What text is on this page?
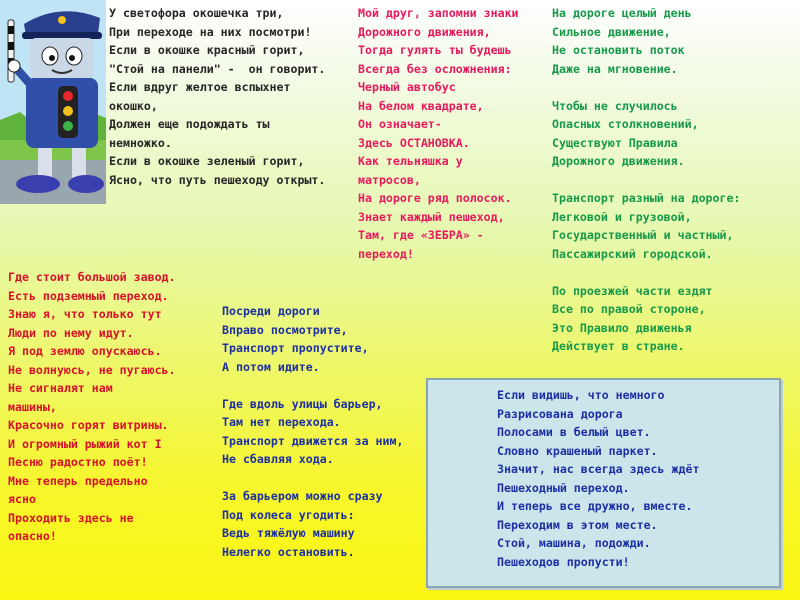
У светофора окошечка три,
При переходе на них посмотри!
Если в окошке красный горит,
"Стой на панели" -  он говорит.
Если вдруг желтое вспыхнет
окошко,
Должен еще подождать ты
немножко.
Если в окошке зеленый горит,
Ясно, что путь пешеходу открыт.
Мой друг, запомни знаки
Дорожного движения,
Тогда гулять ты будешь
Всегда без осложнения:
Черный автобус
На белом квадрате,
Он означает-
Здесь ОСТАНОВКА.
Как тельняшка у
матросов,
На дороге ряд полосок.
Знает каждый пешеход,
Там, где «ЗЕБРА» -
переход!
На дороге целый день
Сильное движение,
Не остановить поток
Даже на мгновение.

Чтобы не случилось
Опасных столкновений,
Существуют Правила
Дорожного движения.

Транспорт разный на дороге:
Легковой и грузовой,
Государственный и частный,
Пассажирский городской.

По проезжей части ездят
Все по правой стороне,
Это Правило движенья
Действует в стране.
Где стоит большой завод.
Есть подземный переход.
Знаю я, что только тут
Люди по нему идут.
Я под землю опускаюсь.
Не волнуюсь, не пугаюсь.
Не сигналят нам
машины,
Красочно горят витрины.
И огромный рыжий кот I
Песню радостно поёт!
Мне теперь предельно
ясно
Проходить здесь не
опасно!
Посреди дороги
Вправо посмотрите,
Транспорт пропустите,
А потом идите.

Где вдоль улицы барьер,
Там нет перехода.
Транспорт движется за ним,
Не сбавляя хода.

За барьером можно сразу
Под колеса угодить:
Ведь тяжёлую машину
Нелегко остановить.
Если видишь, что немного
Разрисована дорога
Полосами в белый цвет.
Словно крашеный паркет.
Значит, нас всегда здесь ждёт
Пешеходный переход.
И теперь все дружно, вместе.
Переходим в этом месте.
Стой, машина, подожди.
Пешеходов пропусти!
